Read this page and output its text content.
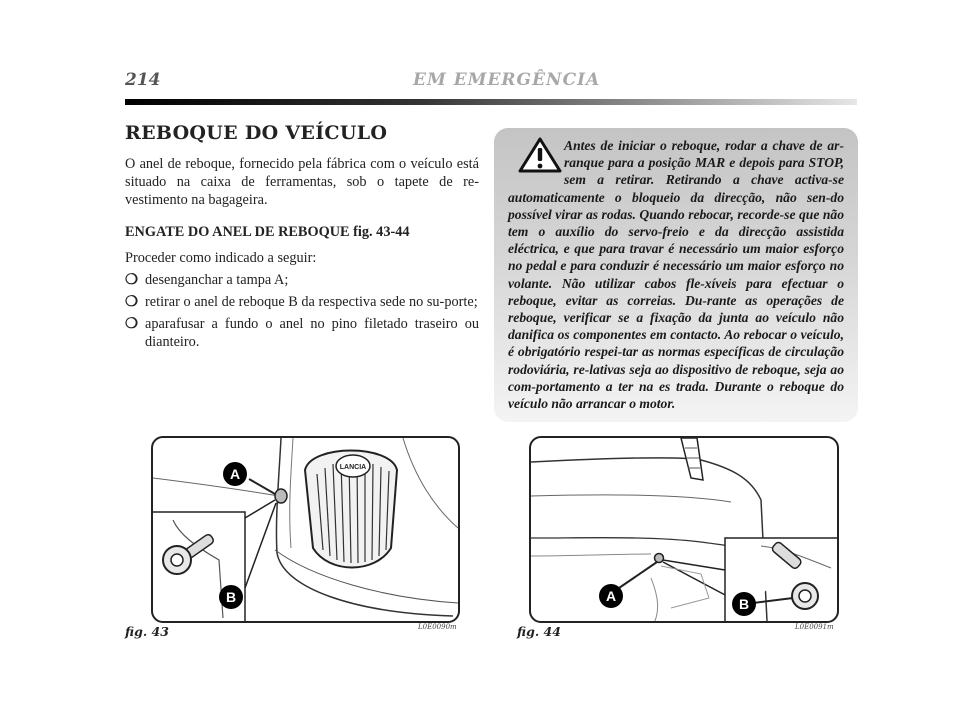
214	EM EMERGÊNCIA
REBOQUE DO VEÍCULO

O anel de reboque, fornecido pela fábrica com o veículo está situado na caixa de ferramentas, sob o tapete de re-vestimento na bagageira.

ENGATE DO ANEL DE REBOQUE fig. 43-44

Proceder como indicado a seguir:

❍ desenganchar a tampa A;
❍ retirar o anel de reboque B da respectiva sede no su-porte;
❍ aparafusar a fundo o anel no pino filetado traseiro ou dianteiro.
Antes de iniciar o reboque, rodar a chave de ar-ranque para a posição MAR e depois para STOP, sem a retirar. Retirando a chave activa-se automaticamente o bloqueio da direcção, não sen-do possível virar as rodas. Quando rebocar, recorde-se que não tem o auxílio do servo-freio e da direcção assistida eléctrica, e que para travar é necessário um maior esforço no pedal e para conduzir é necessário um maior esforço no volante. Não utilizar cabos fle-xíveis para efectuar o reboque, evitar as correias. Du-rante as operações de reboque, verificar se a fixação da junta ao veículo não danifica os componentes em contacto. Ao rebocar o veículo, é obrigatório respei-tar as normas específicas de circulação rodoviária, re-lativas seja ao dispositivo de reboque, seja ao com-portamento a ter na es trada. Durante o reboque do veículo não arrancar o motor.
LANCIA
A
B
fig. 43	L0E0090m
A	B
fig. 44	L0E0091m
